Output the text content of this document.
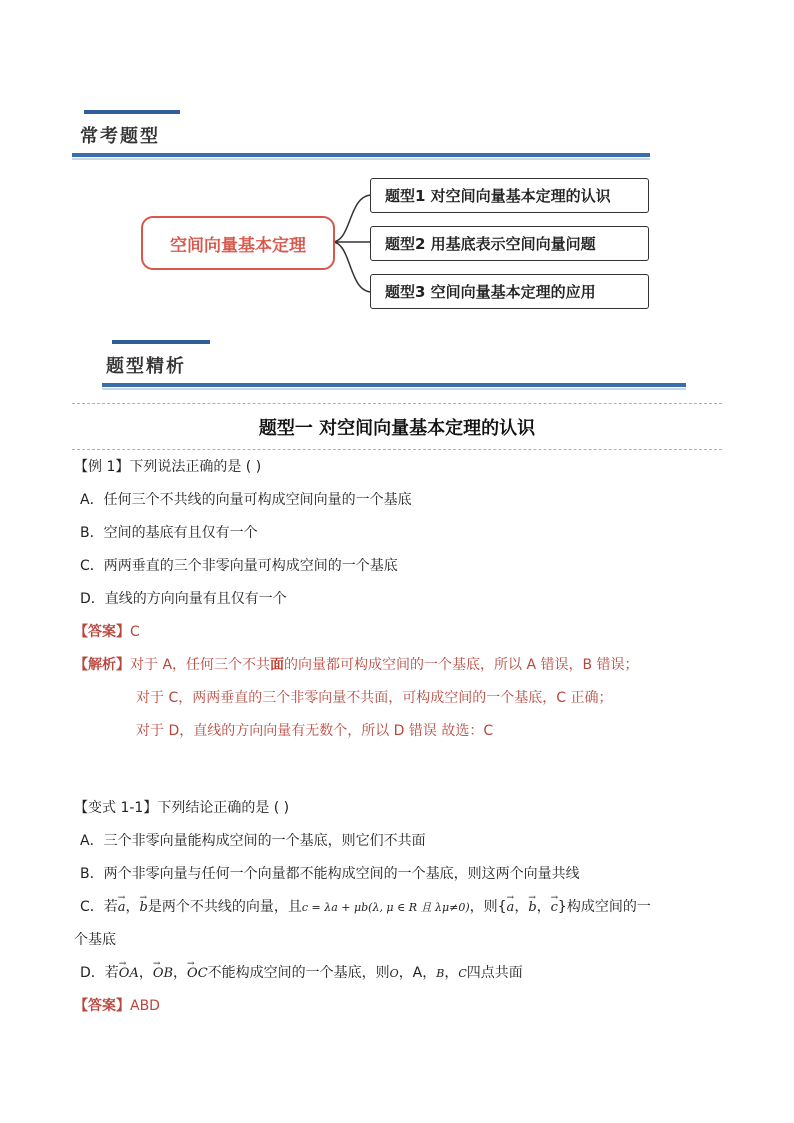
常考题型
空间向量基本定理
题型1 对空间向量基本定理的认识
题型2 用基底表示空间向量问题
题型3 空间向量基本定理的应用
题型精析
题型一 对空间向量基本定理的认识
【例 1】下列说法正确的是 ( )
A．任何三个不共线的向量可构成空间向量的一个基底
B．空间的基底有且仅有一个
C．两两垂直的三个非零向量可构成空间的一个基底
D．直线的方向向量有且仅有一个
【答案】C
【解析】对于 A，任何三个不共面的向量都可构成空间的一个基底，所以 A 错误，B 错误；
对于 C，两两垂直的三个非零向量不共面，可构成空间的一个基底，C 正确；
对于 D，直线的方向向量有无数个，所以 D 错误 故选：C
【变式 1-1】下列结论正确的是 ( )
A．三个非零向量能构成空间的一个基底，则它们不共面
B．两个非零向量与任何一个向量都不能构成空间的一个基底，则这两个向量共线
C．若→ a，→ b是两个不共线的向量，且c = λa + μb(λ, μ ∈ R 且 λμ≠0)，则{→ a，→ b，→ c}构成空间的一
个基底
D．若→ OA，→ OB，→ OC不能构成空间的一个基底，则O，A，B，C四点共面
【答案】ABD
